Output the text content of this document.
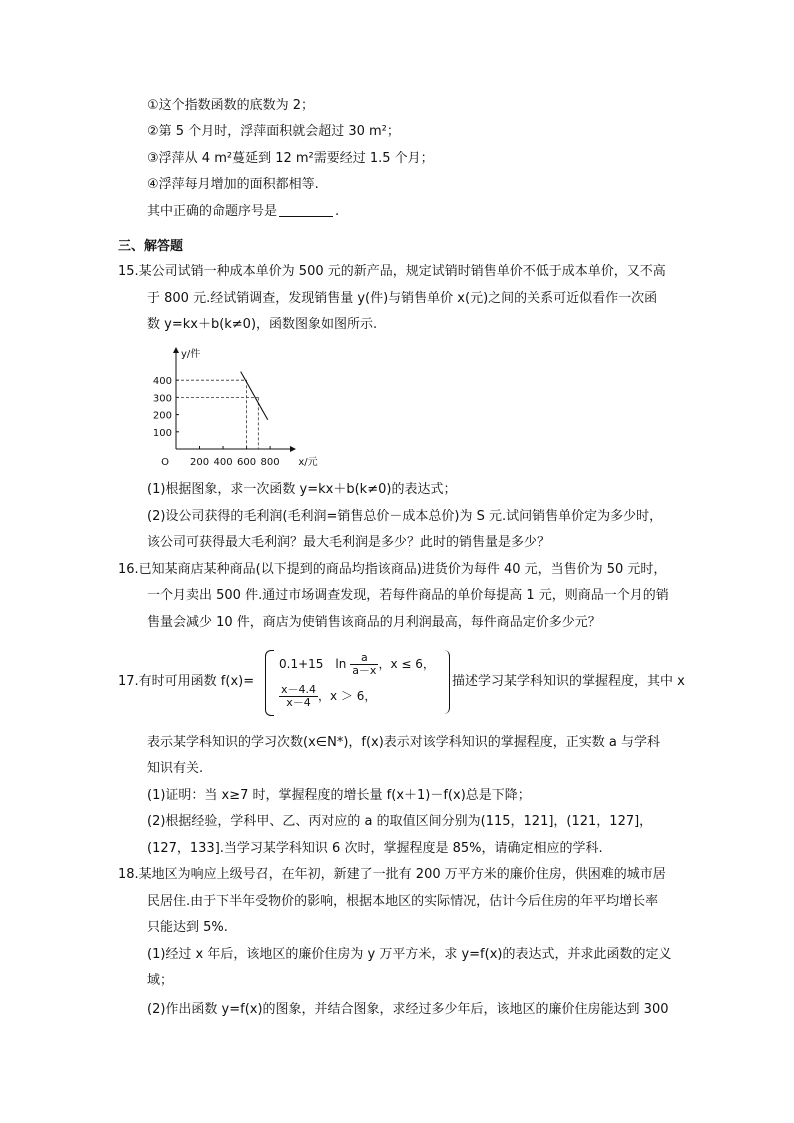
①这个指数函数的底数为 2；
②第 5 个月时，浮萍面积就会超过 30 m²；
③浮萍从 4 m²蔓延到 12 m²需要经过 1.5 个月；
④浮萍每月增加的面积都相等.
其中正确的命题序号是	.
三、解答题
15.某公司试销一种成本单价为 500 元的新产品，规定试销时销售单价不低于成本单价，又不高
于 800 元.经试销调查，发现销售量 y(件)与销售单价 x(元)之间的关系可近似看作一次函
数 y=kx＋b(k≠0)，函数图象如图所示.
y/件
x/元
O
400
300
200
100
200 400 600 800
(1)根据图象，求一次函数 y=kx＋b(k≠0)的表达式；
(2)设公司获得的毛利润(毛利润=销售总价－成本总价)为 S 元.试问销售单价定为多少时，
该公司可获得最大毛利润？最大毛利润是多少？此时的销售量是多少？
16.已知某商店某种商品(以下提到的商品均指该商品)进货价为每件 40 元，当售价为 50 元时，
一个月卖出 500 件.通过市场调查发现，若每件商品的单价每提高 1 元，则商品一个月的销
售量会减少 10 件，商店为使销售该商品的月利润最高，每件商品定价多少元？
17.有时可用函数 f(x)=
0.1+15　$\ln \frac{a}{a-x}$ ，x ≤ 6，
$\frac{x-4.4}{x-4}$ ，x ＞ 6，
描述学习某学科知识的掌握程度，其中 x
表示某学科知识的学习次数(x∈N*)，f(x)表示对该学科知识的掌握程度，正实数 a 与学科
知识有关.
(1)证明：当 x≥7 时，掌握程度的增长量 f(x＋1)－f(x)总是下降；
(2)根据经验，学科甲、乙、丙对应的 a 的取值区间分别为(115，121]，(121，127]，
(127，133].当学习某学科知识 6 次时，掌握程度是 85%，请确定相应的学科.
18.某地区为响应上级号召，在年初，新建了一批有 200 万平方米的廉价住房，供困难的城市居
民居住.由于下半年受物价的影响，根据本地区的实际情况，估计今后住房的年平均增长率
只能达到 5%.
(1)经过 x 年后，该地区的廉价住房为 y 万平方米，求 y=f(x)的表达式，并求此函数的定义
域；
(2)作出函数 y=f(x)的图象，并结合图象，求经过多少年后，该地区的廉价住房能达到 300
